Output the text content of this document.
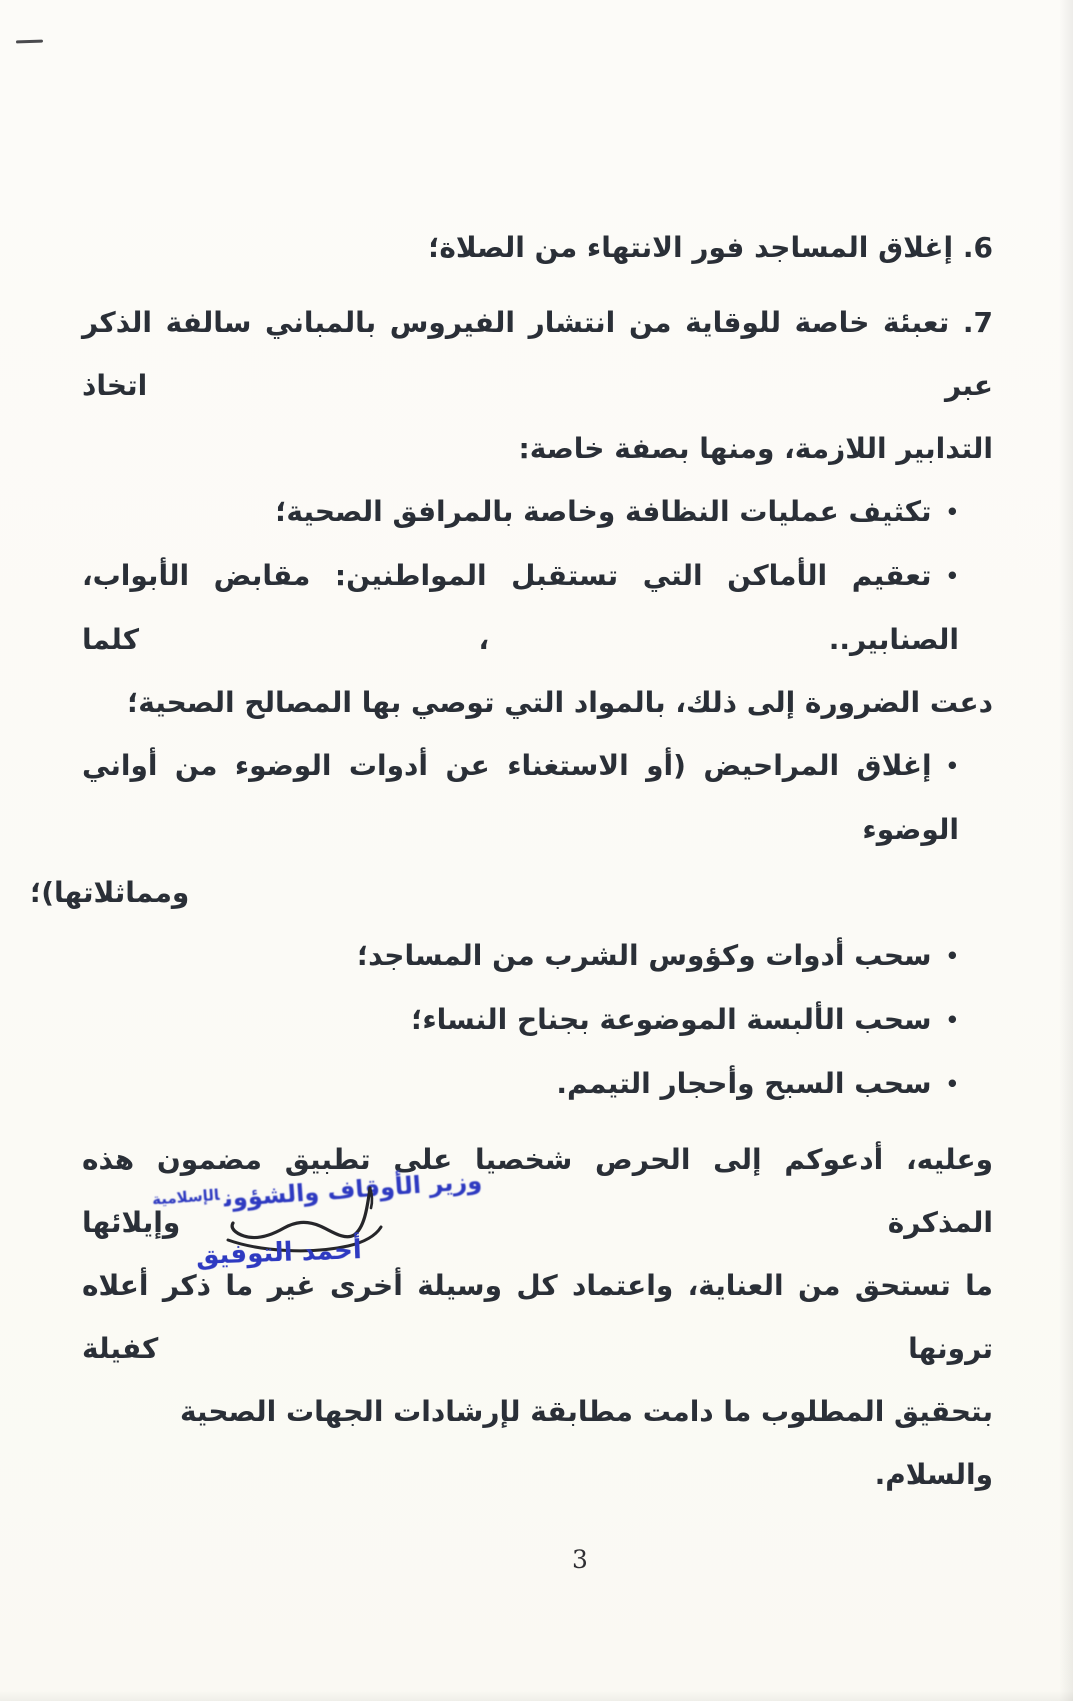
6. إغلاق المساجد فور الانتهاء من الصلاة؛

7. تعبئة خاصة للوقاية من انتشار الفيروس بالمباني سالفة الذكر عبر اتخاذ

التدابير اللازمة، ومنها بصفة خاصة:

•تكثيف عمليات النظافة وخاصة بالمرافق الصحية؛

•تعقيم الأماكن التي تستقبل المواطنين: مقابض الأبواب، الصنابير.. ، كلما

دعت الضرورة إلى ذلك، بالمواد التي توصي بها المصالح الصحية؛

•إغلاق المراحيض (أو الاستغناء عن أدوات الوضوء من أواني الوضوء

ومماثلاتها)؛

•سحب أدوات وكؤوس الشرب من المساجد؛

•سحب الألبسة الموضوعة بجناح النساء؛

•سحب السبح وأحجار التيمم.

وعليه، أدعوكم إلى الحرص شخصيا على تطبيق مضمون هذه المذكرة وإيلائها

ما تستحق من العناية، واعتماد كل وسيلة أخرى غير ما ذكر أعلاه ترونها كفيلة

بتحقيق المطلوب ما دامت مطابقة لإرشادات الجهات الصحية والسلام.

وزير الأوقاف والشؤون$^{الإسلامية}$
أحمد التوفيق
3
